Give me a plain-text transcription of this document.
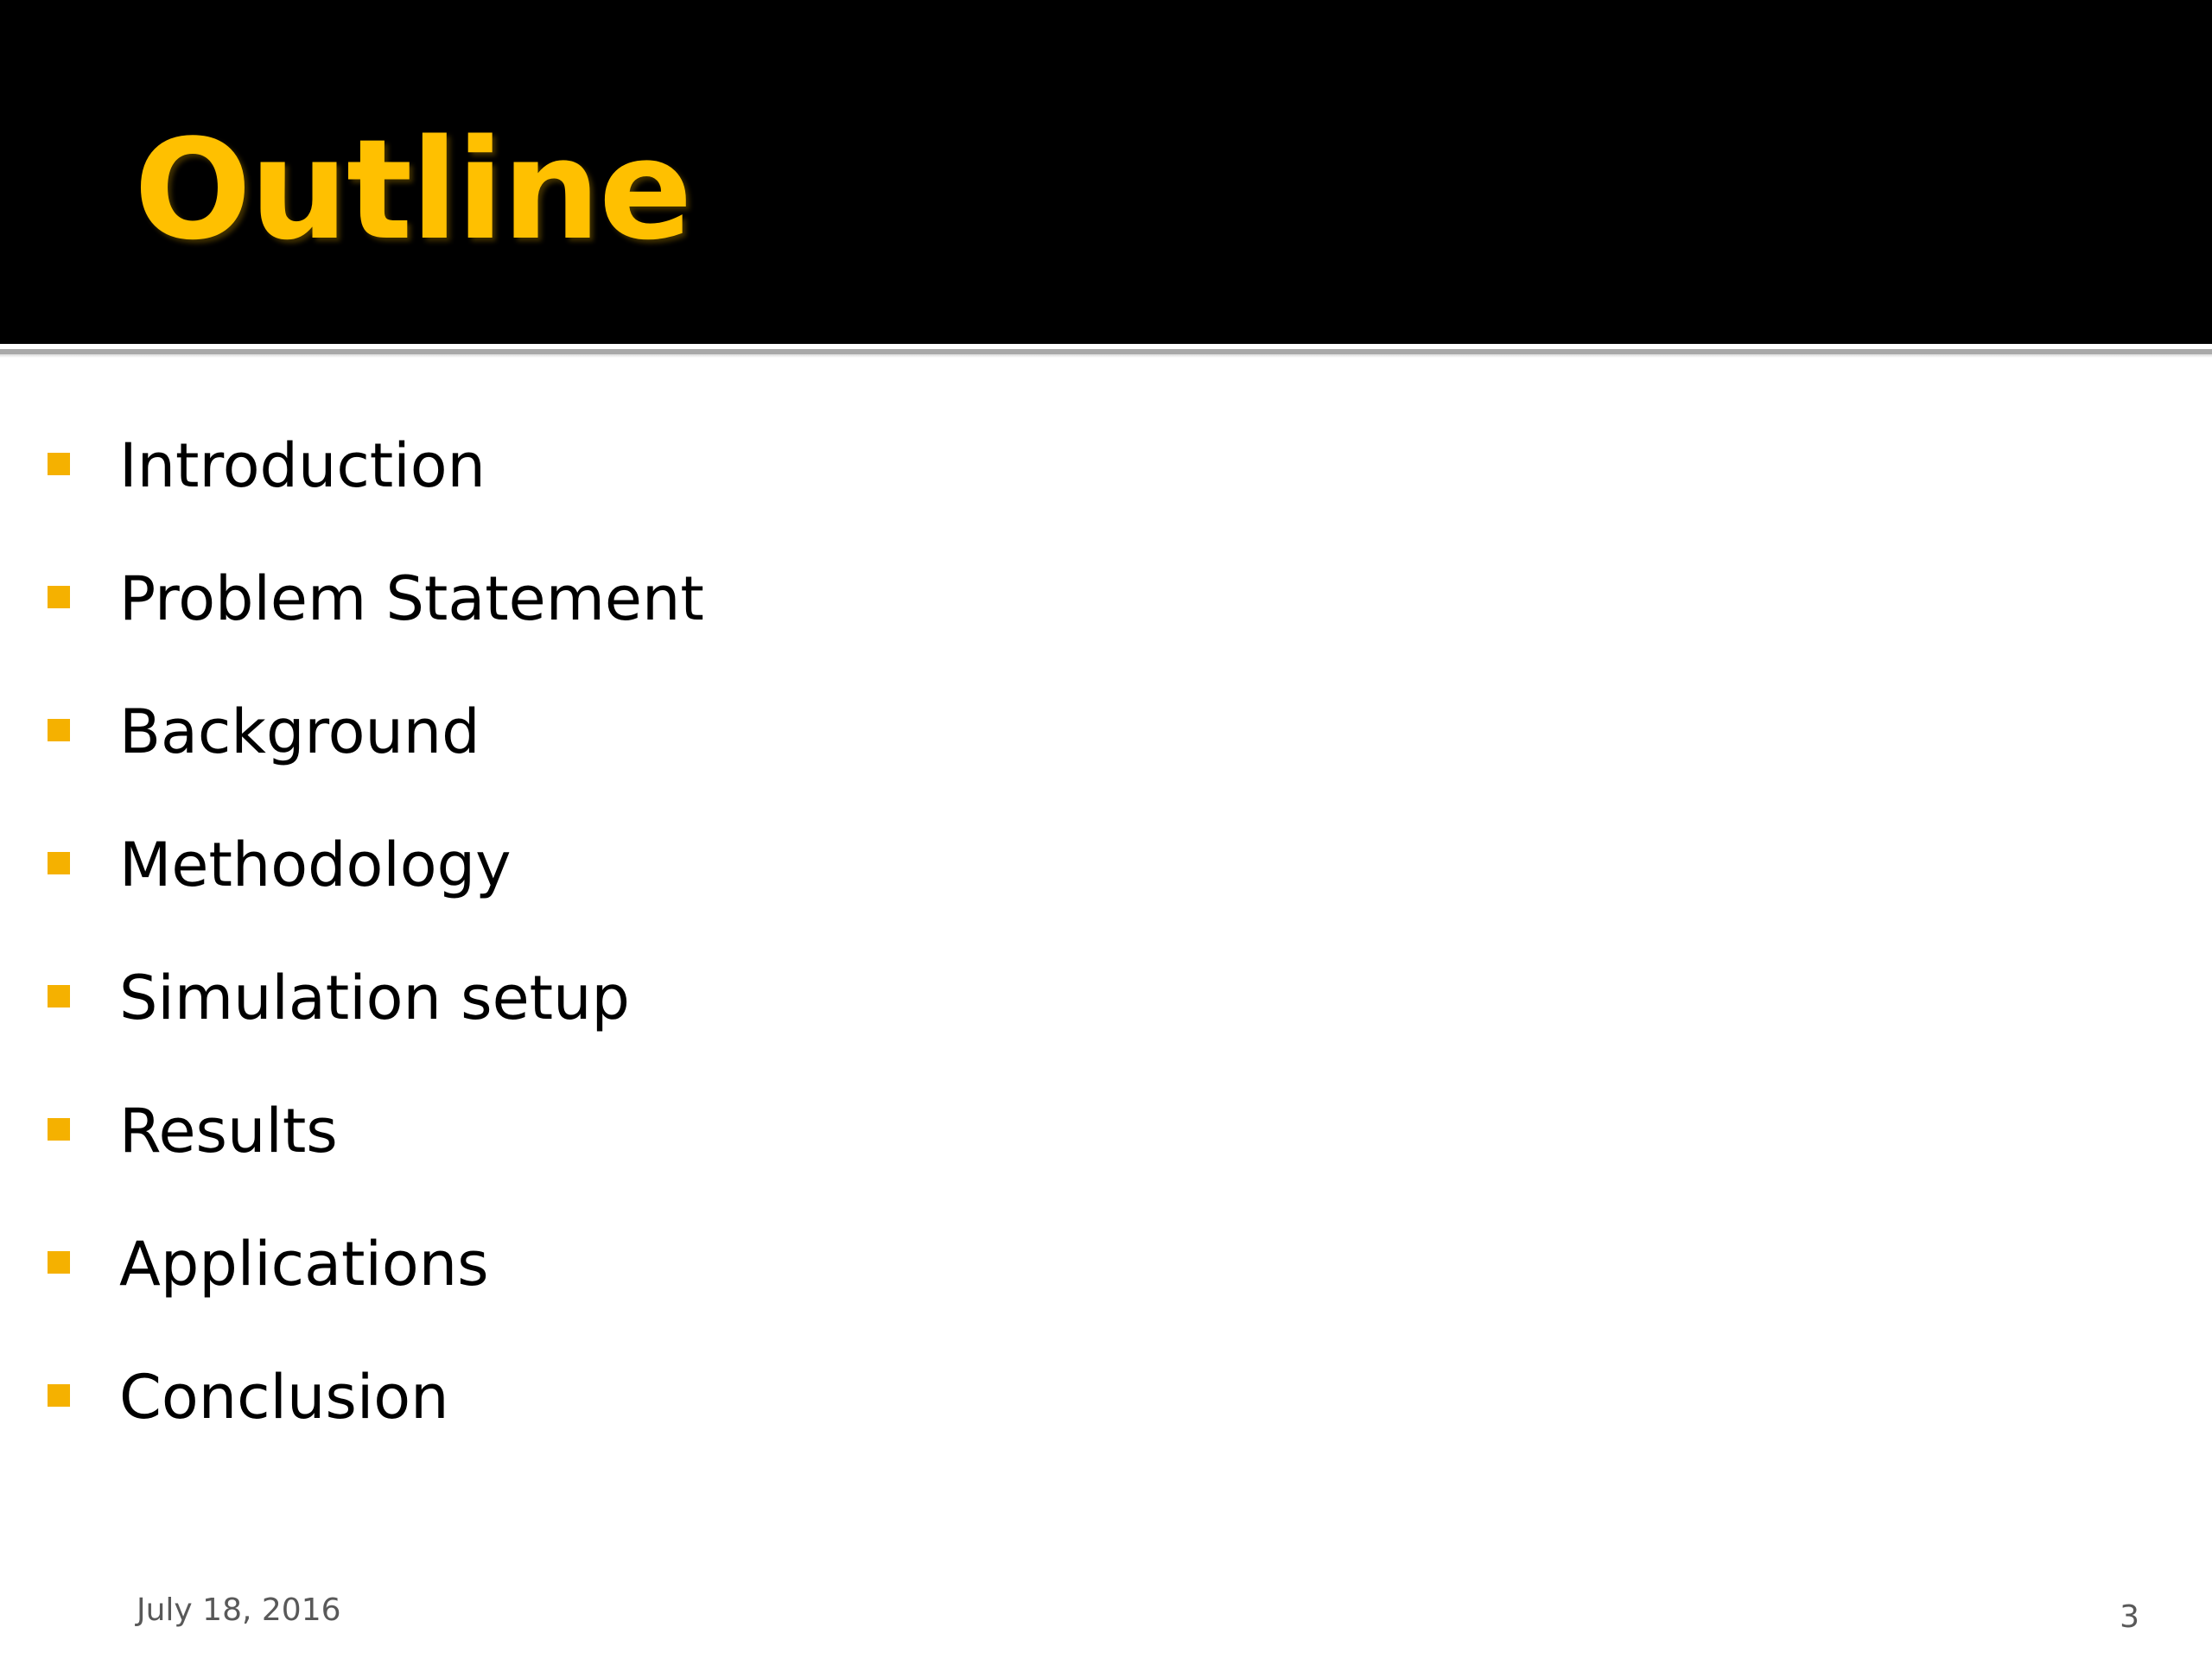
Outline
Introduction
Problem Statement
Background
Methodology
Simulation setup
Results
Applications
Conclusion
July 18, 2016	3
